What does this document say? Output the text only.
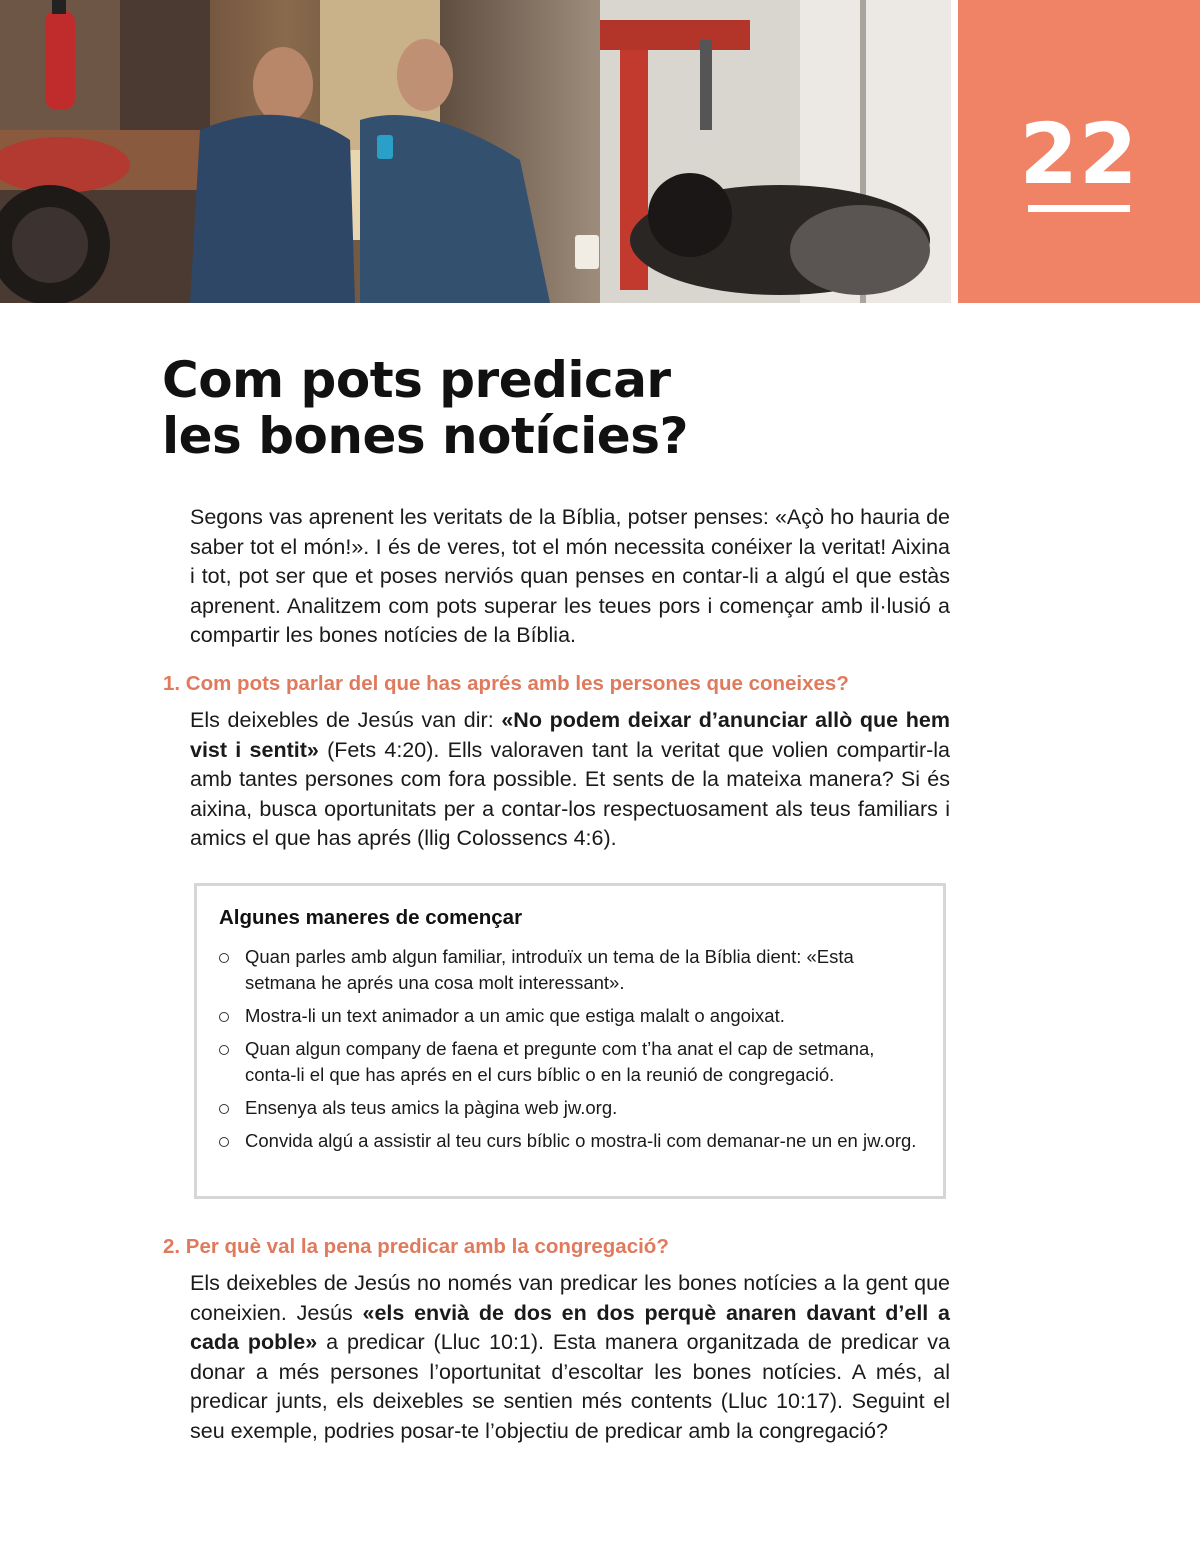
22
Com pots predicar
les bones notícies?

Segons vas aprenent les veritats de la Bíblia, potser penses: «Açò ho hauria de saber tot el món!». I és de veres, tot el món necessita conéixer la veritat! Aixina i tot, pot ser que et poses nerviós quan penses en contar-li a algú el que estàs aprenent. Analitzem com pots superar les teues pors i començar amb il·lusió a compartir les bones notícies de la Bíblia.

1. Com pots parlar del que has aprés amb les persones que coneixes?

Els deixebles de Jesús van dir: «No podem deixar d’anunciar allò que hem vist i sentit» (Fets 4:20). Ells valoraven tant la veritat que volien compartir-la amb tantes persones com fora possible. Et sents de la mateixa manera? Si és aixina, busca oportunitats per a contar-los respectuosament als teus familiars i amics el que has aprés (llig Colossencs 4:6).

Algunes maneres de començar
Quan parles amb algun familiar, introduïx un tema de la Bíblia dient: «Esta setmana he aprés una cosa molt interessant».
Mostra-li un text animador a un amic que estiga malalt o angoixat.
Quan algun company de faena et pregunte com t’ha anat el cap de setmana, conta-li el que has aprés en el curs bíblic o en la reunió de congregació.
Ensenya als teus amics la pàgina web jw.org.
Convida algú a assistir al teu curs bíblic o mostra-li com demanar-ne un en jw.org.
2. Per què val la pena predicar amb la congregació?

Els deixebles de Jesús no només van predicar les bones notícies a la gent que coneixien. Jesús «els envià de dos en dos perquè anaren davant d’ell a cada poble» a predicar (Lluc 10:1). Esta manera organitzada de predicar va donar a més persones l’oportunitat d’escoltar les bones notícies. A més, al predicar junts, els deixebles se sentien més contents (Lluc 10:17). Seguint el seu exemple, podries posar-te l’objectiu de predicar amb la congregació?
